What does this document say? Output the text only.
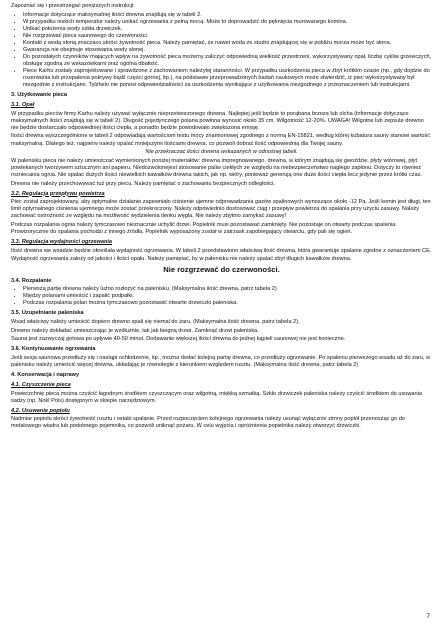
Zapoznać się i przestrzegać poniższych instrukcji:

• Informacje dotyczące maksymalnej ilości drewna znajdują się w tabeli 2.
• W przypadku niskich temperatur należy unikać ogrzewania z pełną mocą. Może to doprowadzić do pęknięcia murowanego komina.
• Unikać położenia wody szkła drzwiczek.
• Nie rozgrzewać pieca saunowego do czerwoności.
• Kontakt z wodą słoną znaczaco skróci żywotność pieca. Należy pamiętać, że nawet woda ze studni znajdującej się w pobliżu morza może być słona.
• Gwarancja nie obejmuje stosowania wody słonej.
• Do pozostałych czynników mających wpływ na żywotność pieca możemy zaliczyć odpowiednią wielkość przestrzeni, wykorzystywany opał, liczbę cykliw grzewczych, obsługę zgodną ze wskazówkami oraz ogólna dbałość.
• Piece Karhu zostały zaprojektowane i sprawdzone z zachowaniem należytej staranności. W przypadku uszkodzenia pieca w żbyt krótkim czasie (np., gdy dojdzie do rozerwania lub przepalenia pokrywy bądź części górnej, itp.), na podstawie przeprowadzonych badań naukowych może stwierdzić, iż piec wykorzystywany był niezgodnie z instrukcjami. Tylżhelo nie ponosi odpowiedzialności za uszkodzenia wynikające z użytkowania niezgodnego z przeznaczeniem lub instrukcjami.

3. Użytkowanie pieca

3.1. Opał

W przypadku pieców firmy Karhu należy używać wyłącznie nieprzetworzonego drewna. Najlepiej jeśli będzie to porąbana brzoza lub olcha (informacje dotyczące maksymalnych ilości znajdują się w tabeli 2). Długość pojedynczego polana powinna wynosić około 35 cm. Wilgotność 12-20%. UWAGA! Wilgotne lub zepsute drewno nie będzie dostarczało odpowiedniej ilości ciepła, a ponadto będzie powodowało zwiększona emisję.

Ilości drewna wyszczególnione w tabeli 2 odpowiadają wartościom testu mocy znamionowej zgodnego z normą EN-15821, według której kubatura sauny stanowi wartość maksymalną. Dlatego też, najpierw należy opalać mniejszymi ilościami drewna, co pozwoli dobrać ilość odpowiednią dla Twojej sauny.

Nie przekraczać ilości drewna wskazanych w odnośnej tabeli.

W palenisku pieca nie należy umieszczać wymienionych poniżej materiałów: drewna impregnowanego, drewna, w którym znajdują się gwoździe, płyty wiórowej, płyt powlekanych tworzywem sztucznym ani papieru. Niedozwolonejest stosowanie paliw ciekłych ze względu na niebezpieczeństwo nagłego zapłonu. Dotyczy to również rozniecania ognia. Nie spalać dużych ilości niewielkich kawałków drewna takich, jak np. wióry, ponieważ generują one duże ilości ciepła lecz jedynie przez krótki czas.

Drewna nie należy przechowywać tuż przy piecu. Należy pamiętać o zachowaniu bezpiecznych odległości.

3.2. Regulacja przepływu powietrza

Piec został zaprojektowany, aby optymalne działanie zapewniało ciśnienie ujemne odprowadzania gazów spalinowych wynoszące około -12 Pa. Jeśli komin jest długi, ten limit optymalnego ciśnienia ujemnego może zostać przekroczony. Należy odpowiednio dostosować ciąg i przepływ powietrza do spalania przy użyciu zasuwy. Należy zachować ostrożność ze względu na możliwość wydzielenia tlenku węgla. Nie należy zbytnio zamykać zasuwy!

Podczas rozpalania ognia należy tymczasowo nieznacznie uchylić drzwi. Popielnik musi pozostawać zamknięty. Nie pozostaje on otwarty podczas spalania. Prowizorycznie do spalania pochodzi z innego źródła. Popielnik wyposażony został w zatrzask zapobiegający otwarciu, gdy pali się ogień.

3.3. Regulacja wydajności ogrzewania

Ilość drewna we wsadzie będzie określała wydajność ogrzewania. W tabeli 2 przedstawiono właściwą ilość drewna, która gwarantuje spalanie zgodne z oznaczeniem CE.

Wydajność ogrzewania zależy od jakości i ilości opału. Należy pamiętać, by w palenisku nie należy spalać zbyt długich kawałków drewna.

Nie rozgrzewać do czerwoności.

3.4. Rozpalanie

• Pierwszą partię drewna należy luźno rozłożyć na palenisku. (Maksymalna ilość drewna, patrz tabela 2)
• Między polanami umieścić i zapalić podpałki.
• Podczas rozpalania polan można tymczasowo pozostawić otwarte drzwiczki paleniska.

3.5. Uzupełnianie paleniska

Wsad właściwy należy umieścić dopiero drewno spali się niemal do żaru. (Maksymalna ilość drewna, patrz tabela 2).

Drewno należy dokładać umieszczając je wzdłużnie, tak jak biegną drzwi. Zamknąć drzwi paleniska.

Sauna jest zazwyczaj gotowa po upływie 40-50 minut. Dodawanie większej ilości drewna do jednej kąpieli saunowej nie jest konieczne.

3.6. Kontynuowanie ogrzewania

Jeśli sesja saunowa przedłuży się i nastąpi ochłodzenie, itp., można dodać kolejną partię drewna, co przedłuży ogrzewanie. Po spaleniu pierwszego wsadu aż do żaru, w palenisku należy umieścić więcej drewna, układając je równolegle z kierunkiem wzgłędem rusztu. (Maksymalna ilość drewna, patrz tabela 2)

4. Konserwacja i naprawy

4.1. Czyszczenie pieca

Powierzchnię pieca można czyścić łagodnym środkiem czyszczącym oraz wilgotną, miękką szmatką. Szkło drzwiczek paleniska należy czyścić środkiem do usuwania sadzy (np. Nokl Pois) dostępnym w sklepie narzędziowym.

4.2. Usuwanie popiołu

Nadmiar popiołu skróci żywotność rusztu i ostabi spalanie. Przed rozpoczęciem kolejnego ogrzewania należy usunąć wyłącznie zimny popiół przenosząc go do metalowego wiadra lub podobnego pojemnika, co pozwoli uniknąć pożaru. W celu wyjęcia i opróżnienia popielnika należy otworzyć drzwiczki.

7
